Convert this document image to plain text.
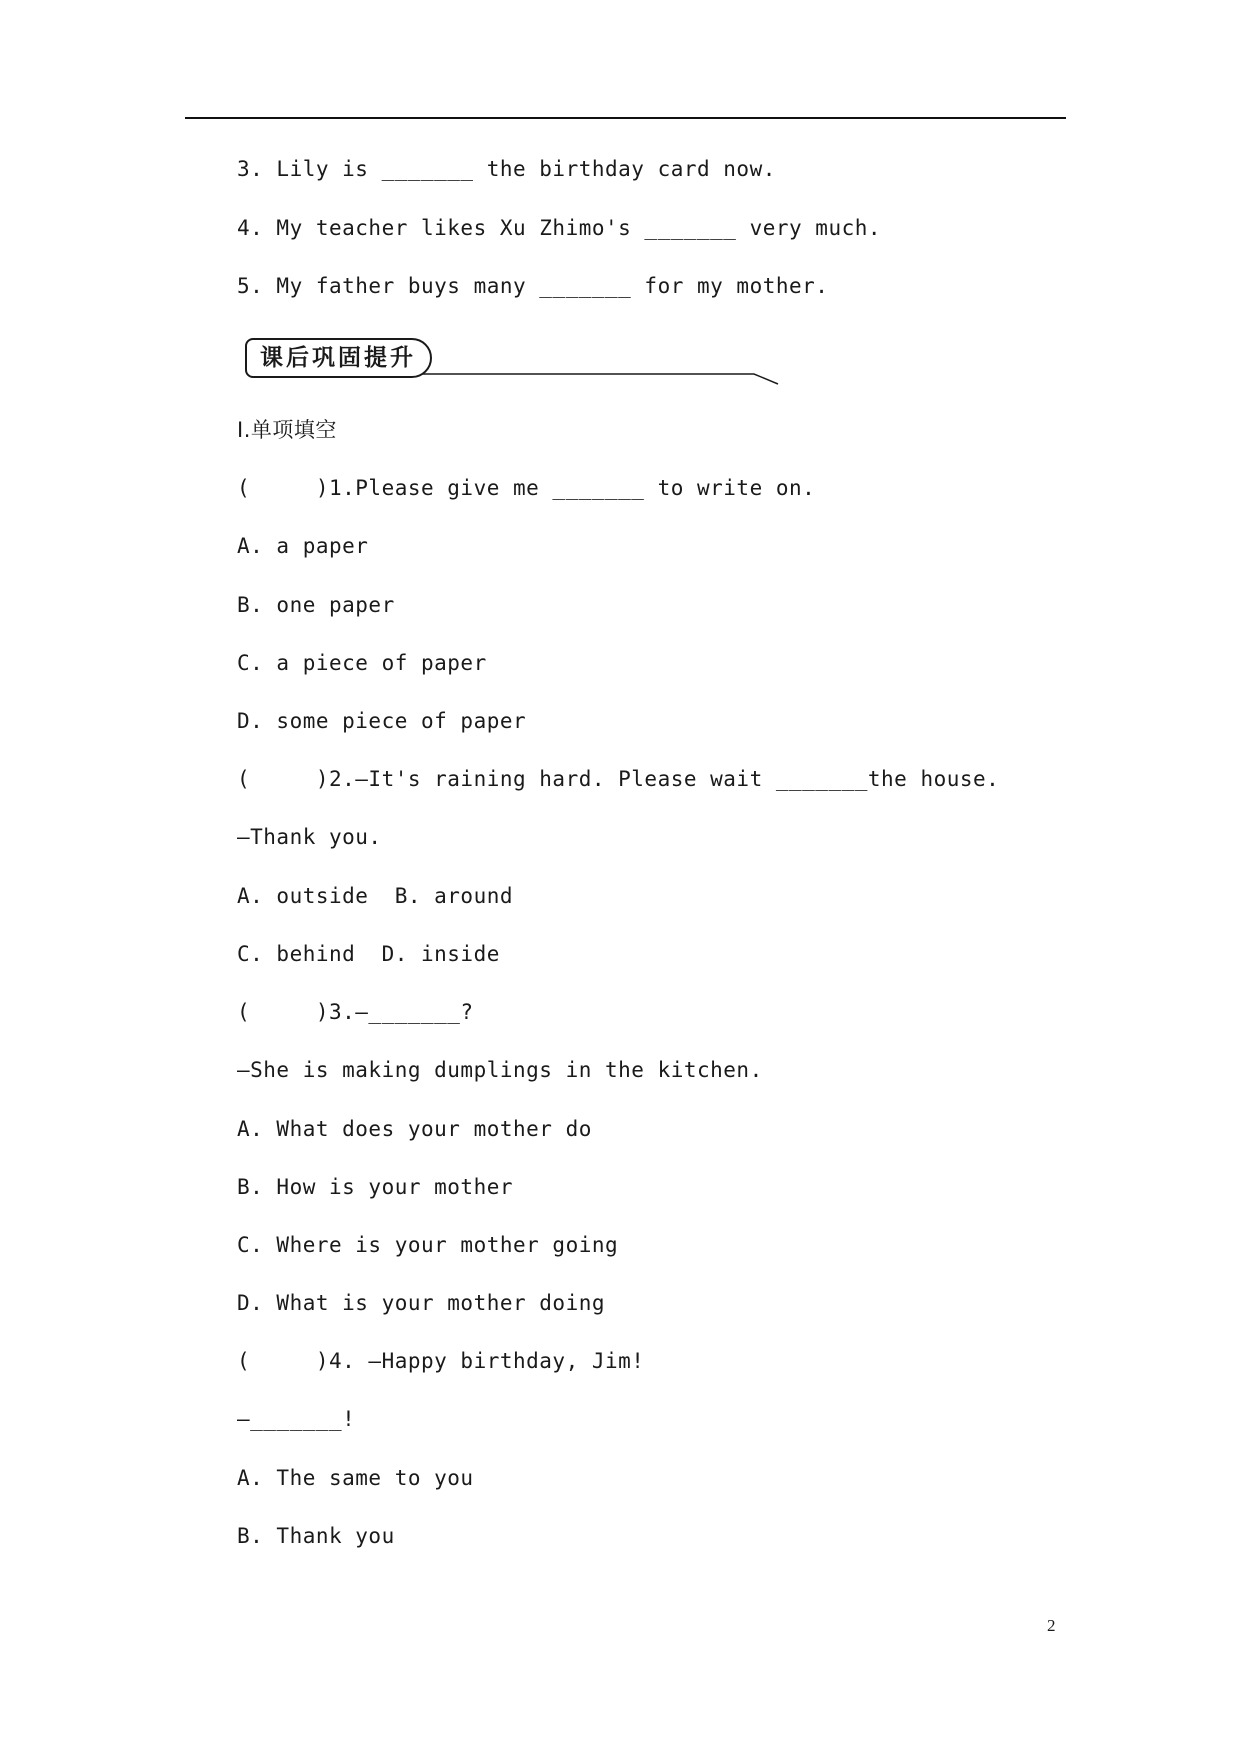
3. Lily is _______ the birthday card now.
4. My teacher likes Xu Zhimo's _______ very much.
5. My father buys many _______ for my mother.
课后巩固提升
Ⅰ.单项填空
(     )1.Please give me _______ to write on.
A. a paper
B. one paper
C. a piece of paper
D. some piece of paper
(     )2.—It's raining hard. Please wait _______the house.
—Thank you.
A. outside  B. around
C. behind  D. inside
(     )3.—_______?
—She is making dumplings in the kitchen.
A. What does your mother do
B. How is your mother
C. Where is your mother going
D. What is your mother doing
(     )4. —Happy birthday, Jim!
—_______!
A. The same to you
B. Thank you
2
